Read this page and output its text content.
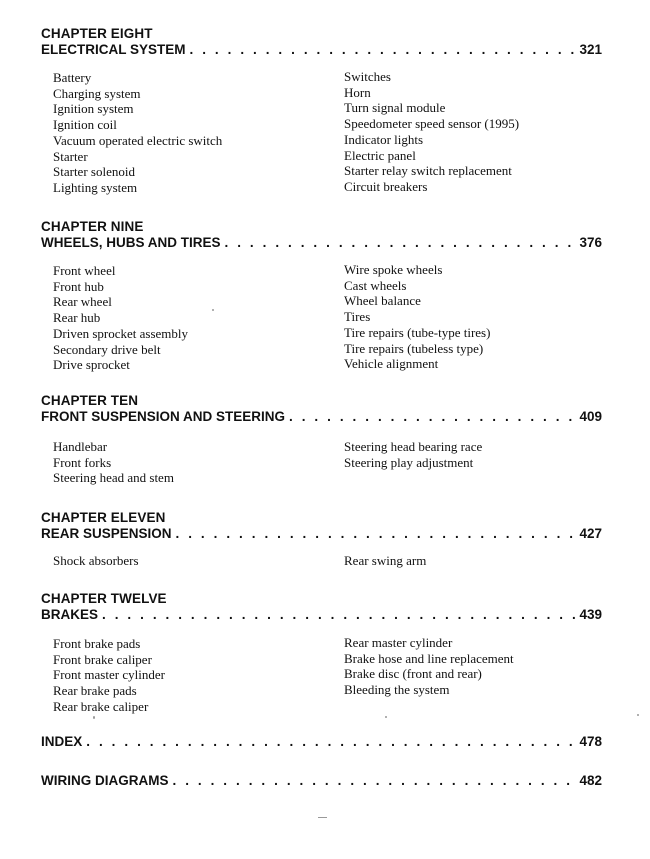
CHAPTER EIGHT
ELECTRICAL SYSTEM . . .	321
Battery
Charging system
Ignition system
Ignition coil
Vacuum operated electric switch
Starter
Starter solenoid
Lighting system
Switches
Horn
Turn signal module
Speedometer speed sensor (1995)
Indicator lights
Electric panel
Starter relay switch replacement
Circuit breakers
CHAPTER NINE
WHEELS, HUBS AND TIRES . . .	376
Front wheel
Front hub
Rear wheel
Rear hub
Driven sprocket assembly
Secondary drive belt
Drive sprocket
Wire spoke wheels
Cast wheels
Wheel balance
Tires
Tire repairs (tube-type tires)
Tire repairs (tubeless type)
Vehicle alignment
CHAPTER TEN
FRONT SUSPENSION AND STEERING . . .	409
Handlebar
Front forks
Steering head and stem
Steering head bearing race
Steering play adjustment
CHAPTER ELEVEN
REAR SUSPENSION . . .	427
Shock absorbers	Rear swing arm
CHAPTER TWELVE
BRAKES . . .	439
Front brake pads
Front brake caliper
Front master cylinder
Rear brake pads
Rear brake caliper
Rear master cylinder
Brake hose and line replacement
Brake disc (front and rear)
Bleeding the system
INDEX . . .	478
WIRING DIAGRAMS . . .	482
